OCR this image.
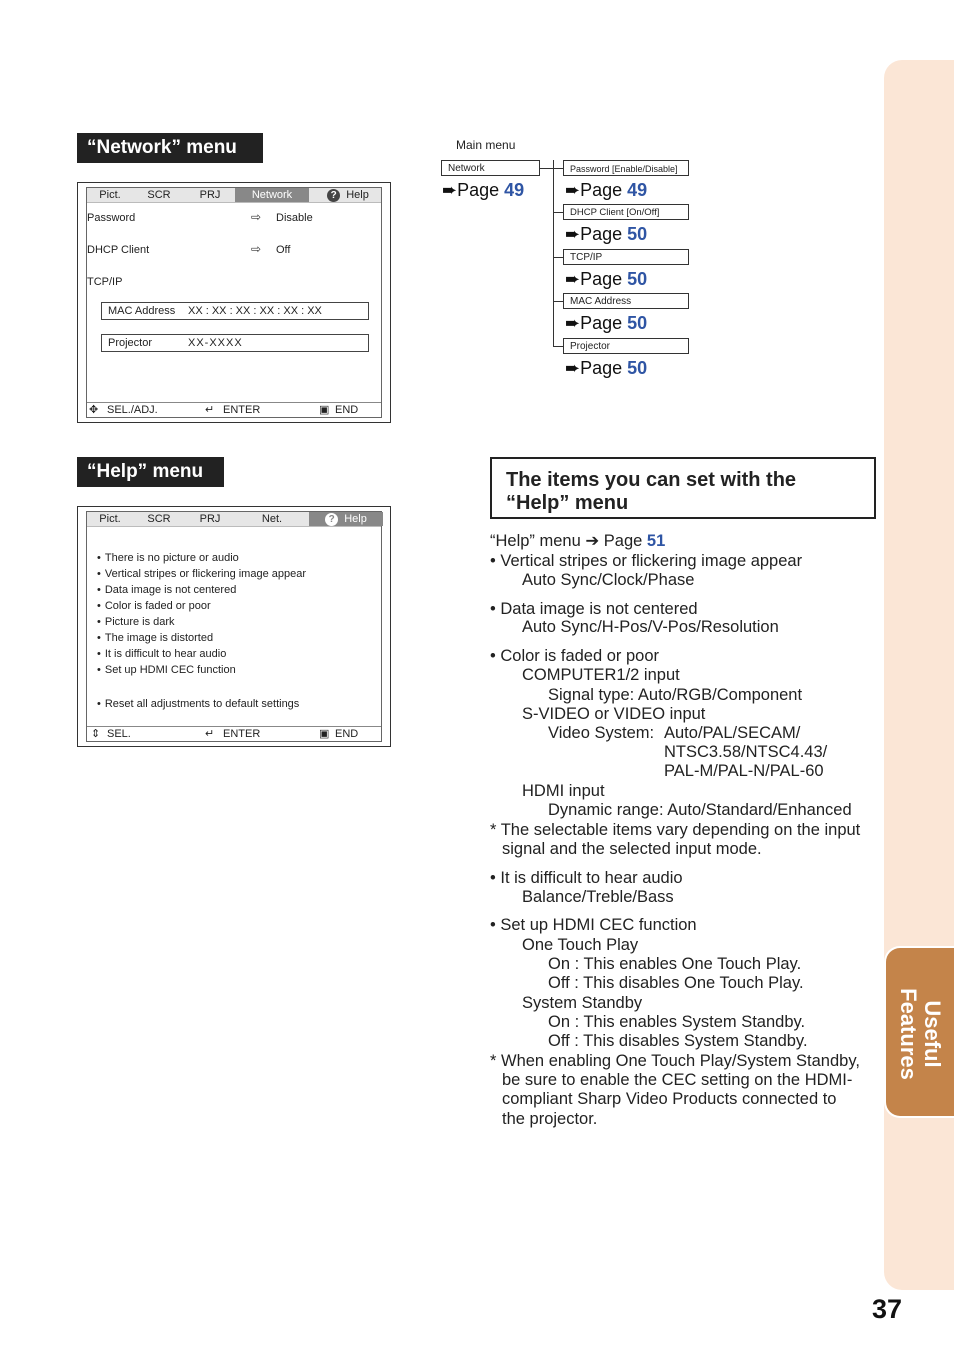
Useful
Features
37
“Network” menu
Pict.	SCR	PRJ	Network	? Help
Password	⇨ Disable
DHCP Client	⇨ Off
TCP/IP
MAC Address XX : XX : XX : XX : XX : XX
Projector	XX-XXXX
✥ SEL./ADJ.	↵ ENTER	▣ END
“Help” menu
Pict.	SCR	PRJ	Net.	? Help
• There is no picture or audio
• Vertical stripes or flickering image appear
• Data image is not centered
• Color is faded or poor
• Picture is dark
• The image is distorted
• It is difficult to hear audio
• Set up HDMI CEC function
• Reset all adjustments to default settings
⇕ SEL.	↵ ENTER	▣ END
Main menu
Network
➨Page 49
Password [Enable/Disable]
➨Page 49
DHCP Client [On/Off]
➨Page 50
TCP/IP
➨Page 50
MAC Address
➨Page 50
Projector
➨Page 50
The items you can set with the
“Help” menu
“Help” menu ➔ Page 51
• Vertical stripes or flickering image appear
Auto Sync/Clock/Phase
• Data image is not centered
Auto Sync/H-Pos/V-Pos/Resolution
• Color is faded or poor
COMPUTER1/2 input
Signal type: Auto/RGB/Component
S-VIDEO or VIDEO input
Video System: Auto/PAL/SECAM/
NTSC3.58/NTSC4.43/
PAL-M/PAL-N/PAL-60
HDMI input
Dynamic range: Auto/Standard/Enhanced
* The selectable items vary depending on the input
signal and the selected input mode.
• It is difficult to hear audio
Balance/Treble/Bass
• Set up HDMI CEC function
One Touch Play
On : This enables One Touch Play.
Off : This disables One Touch Play.
System Standby
On : This enables System Standby.
Off : This disables System Standby.
* When enabling One Touch Play/System Standby,
be sure to enable the CEC setting on the HDMI-
compliant Sharp Video Products connected to
the projector.
